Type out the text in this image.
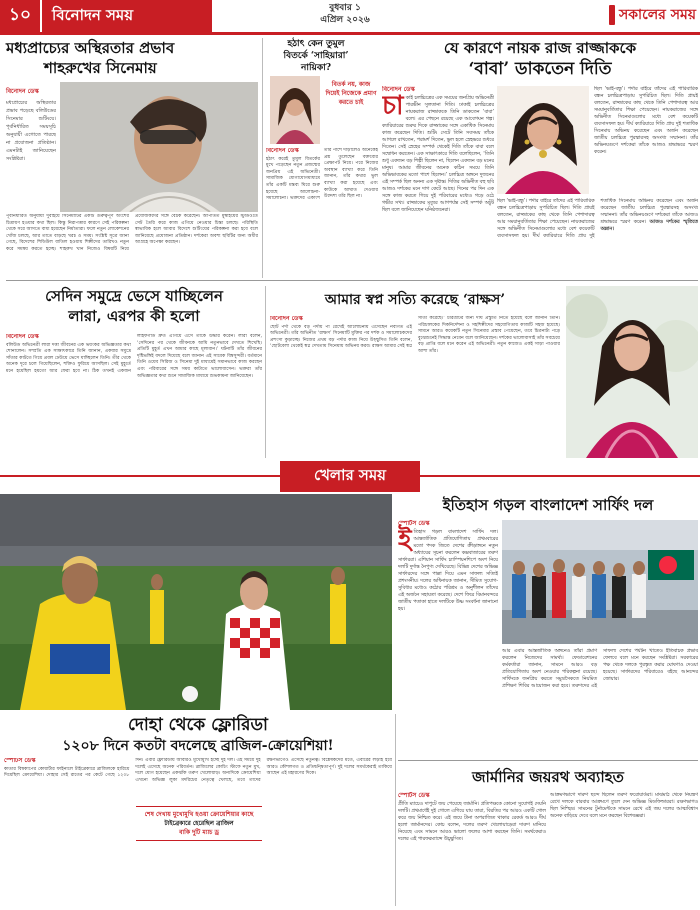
১০	বিনোদন সময়	বুধবার ১
এপ্রিল ২০২৬	সকালের সময়
মধ্যপ্রাচ্যের অস্থিরতার প্রভাব
শাহরুখের সিনেমায়
বিনোদন ডেস্ক
মধ্যপ্রাচ্যের অস্থিরতার প্রভাব পড়েছে বলিউডের সিনেমার শুটিংয়ে। পূর্বনির্ধারিত সময়সূচি অনুযায়ী এগোতে পারছে না প্রযোজনা প্রতিষ্ঠান। এমনটাই জানিয়েছেন সংশ্লিষ্টরা।
পূর্বনির্ধারিত অনুযায়ী দুবাইয়ে সিনেমাটির একটি গুরুত্বপূর্ণ অংশের চিত্রায়ণ হওয়ার কথা ছিল। কিন্তু নিরাপত্তার কারণে সেই পরিকল্পনা থেকে সরে আসতে বাধ্য হয়েছেন নির্মাতারা। ফলে নতুন লোকেশনের খোঁজ চলছে, আর তাতে বাড়ছে খরচ ও সময়। সংশ্লিষ্ট সূত্রে জানা গেছে, বিদেশের শিডিউল বাতিল হওয়ায় শিল্পীদের তারিখও নতুন করে সমন্বয় করতে হচ্ছে। শাহরুখ খান নিজেও বিষয়টি নিয়ে প্রযোজকদের সঙ্গে বৈঠক করেছেন। আপাতত মুম্বাইয়ের স্টুডিওতে সেট তৈরি করে কাজ এগিয়ে নেওয়ার চিন্তা চলছে। পরিস্থিতি স্বাভাবিক হলে আবার বিদেশে শুটিংয়ের পরিকল্পনা করা হবে বলে জানিয়েছে প্রযোজনা প্রতিষ্ঠান। দর্শকেরা অবশ্য ছবিটির জন্য অধীর আগ্রহে অপেক্ষা করছেন।
হঠাৎ কেন তুমুল
বিতর্কে ‘সাহিয়ারা’
নায়িকা?
বিনোদন ডেস্ক
হঠাৎ করেই তুমুল বিতর্কের মুখে পড়েছেন নতুন প্রজন্মের জনপ্রিয় এই অভিনেত্রী। সামাজিক যোগাযোগমাধ্যমে তাঁর একটি মন্তব্য ঘিরে শুরু হয়েছে আলোচনা-সমালোচনা। ভক্তদের একাংশ তাঁর পাশে দাঁড়ালেও অনেকেই প্রশ্ন তুলেছেন বক্তব্যের প্রেক্ষাপট নিয়ে। পরে নিজের অবস্থান ব্যাখ্যা করে তিনি জানান, তাঁর কথার ভুল ব্যাখ্যা করা হয়েছে এবং কাউকে আঘাত দেওয়ার উদ্দেশ্য তাঁর ছিল না।
বিতর্ক নয়, কাজ দিয়েই নিজেকে প্রমাণ করতে চাই
যে কারণে নায়ক রাজ রাজ্জাককে
‘বাবা’ ডাকতেন দিতি
বিনোদন ডেস্ক
চা কাই চলচ্চিত্রের এক সময়ের জনপ্রিয় অভিনেত্রী পারভীন সুলতানা দিতি। ঢাকাই চলচ্চিত্রের নায়করাজ রাজ্জাককে তিনি ডাকতেন ‘বাবা’ বলে। এর পেছনে রয়েছে এক আবেগঘন গল্প। ক্যারিয়ারের শুরুর দিকে রাজ্জাকের সঙ্গে একাধিক সিনেমায় কাজ করেছেন দিতি। শুটিং সেটে তিনি সবসময় তাঁকে আগলে রাখতেন, পরামর্শ দিতেন, ভুল হলে স্নেহভরে শুধরে দিতেন। সেই স্নেহের সম্পর্ক থেকেই দিতি তাঁকে বাবা বলে সম্বোধন করতেন। এক সাক্ষাৎকারে দিতি বলেছিলেন, ‘তিনি শুধু একজন বড় শিল্পী ছিলেন না, ছিলেন একজন বড় মনের মানুষ। আমার জীবনের অনেক কঠিন সময়ে তিনি অভিভাবকের মতো পাশে ছিলেন।’ চলচ্চিত্র অঙ্গনে দুজনের এই সম্পর্ক ছিল অনন্য এক দৃষ্টান্ত। দিতির অভিনীত বহু ছবি আজও দর্শকের মনে দাগ কেটে আছে। দিনের পর দিন এক সঙ্গে কাজ করতে গিয়ে দুই পরিবারের মধ্যেও গড়ে ওঠে গভীর সখ্য। রাজ্জাকের মৃত্যুর আগপর্যন্ত সেই সম্পর্ক অটুট ছিল বলে জানিয়েছেন ঘনিষ্ঠজনেরা।
ছিল ‘ভাই-বন্ধু’। পর্দার বাইরে তাঁদের এই পারিবারিক বন্ধন চলচ্চিত্রপাড়ায় সুপরিচিত ছিল। দিতি প্রায়ই বলতেন, রাজ্জাকের কাছ থেকে তিনি পেশাদারত্ব আর সময়ানুবর্তিতার শিক্ষা পেয়েছেন। নায়করাজের সঙ্গে অভিনীত সিনেমাগুলোর মধ্যে বেশ কয়েকটি ব্যবসাসফল হয়। দীর্ঘ ক্যারিয়ারে দিতি প্রায় দুই শতাধিক সিনেমায় অভিনয় করেছেন এবং অর্জন করেছেন জাতীয় চলচ্চিত্র পুরস্কারসহ অসংখ্য সম্মাননা। তাঁর অভিনয়গুণে দর্শকেরা তাঁকে আজও শ্রদ্ধাভরে স্মরণ করেন।
ছিল ‘ভাই-বন্ধু’। পর্দার বাইরে তাঁদের এই পারিবারিক বন্ধন চলচ্চিত্রপাড়ায় সুপরিচিত ছিল। দিতি প্রায়ই বলতেন, রাজ্জাকের কাছ থেকে তিনি পেশাদারত্ব আর সময়ানুবর্তিতার শিক্ষা পেয়েছেন। নায়করাজের সঙ্গে অভিনীত সিনেমাগুলোর মধ্যে বেশ কয়েকটি ব্যবসাসফল হয়। দীর্ঘ ক্যারিয়ারে দিতি প্রায় দুই শতাধিক সিনেমায় অভিনয় করেছেন এবং অর্জন করেছেন জাতীয় চলচ্চিত্র পুরস্কারসহ অসংখ্য সম্মাননা। তাঁর অভিনয়গুণে দর্শকেরা তাঁকে আজও শ্রদ্ধাভরে স্মরণ করেন। আজও দর্শকের স্মৃতিতে অম্লান।
সেদিন সমুদ্রে ভেসে যাচ্ছিলেন
লারা, এরপর কী হলো
বিনোদন ডেস্ক
বলিউড অভিনেত্রী লারা দত্তা জীবনের এক ভয়ংকর অভিজ্ঞতার কথা শোনালেন। সম্প্রতি এক সাক্ষাৎকারে তিনি জানান, একবার সমুদ্রে সাঁতার কাটতে গিয়ে প্রবল ঢেউয়ে ভেসে যাচ্ছিলেন তিনি। তীর থেকে অনেক দূরে চলে গিয়েছিলেন, শক্তিও ফুরিয়ে আসছিল। সেই মুহূর্তে মনে হয়েছিল হয়তো আর ফেরা হবে না। ঠিক তখনই একজন লাইফগার্ড দ্রুত এগিয়ে এসে তাঁকে উদ্ধার করেন। লারা বলেন, ‘সেদিনের পর থেকে জীবনকে আমি নতুনভাবে দেখতে শিখেছি। প্রতিটি মুহূর্ত এখন আমার কাছে মূল্যবান।’ ঘটনাটি তাঁর জীবনের দৃষ্টিভঙ্গিই বদলে দিয়েছে বলে জানান এই সাবেক বিশ্বসুন্দরী। বর্তমানে তিনি ওয়েব সিরিজ ও সিনেমা দুই মাধ্যমেই সমানভাবে কাজ করছেন এবং পরিবারের সঙ্গে সময় কাটাতে ভালোবাসেন। ভক্তরা তাঁর অভিজ্ঞতার কথা শুনে সামাজিক মাধ্যমে শুভকামনা জানিয়েছেন।
আমার স্বপ্ন সত্যি করেছে ‘রাক্ষস’
বিনোদন ডেস্ক
ছোট পর্দা থেকে বড় পর্দায় পা রেখেই আলোচনায় এসেছেন নবাগত এই অভিনেত্রী। তাঁর অভিনীত ‘রাক্ষস’ সিনেমাটি মুক্তির পর দর্শক ও সমালোচকদের প্রশংসা কুড়াচ্ছে। নিজের প্রথম বড় পর্দার কাজ নিয়ে উচ্ছ্বসিত তিনি বলেন, ‘ছোটবেলা থেকেই স্বপ্ন দেখতাম সিনেমায় অভিনয় করব। রাক্ষস আমার সেই স্বপ্ন সত্যি করেছে।’ চরিত্রটির জন্য দীর্ঘ প্রস্তুতি নিতে হয়েছে বলে জানান তিনি। পরিচালকের দিকনির্দেশনা ও সহশিল্পীদের সহযোগিতায় কাজটি সহজ হয়েছে। সামনে আরও কয়েকটি নতুন সিনেমার প্রস্তাব পেয়েছেন, তবে চিত্রনাট্য পড়ে বুঝেশুনেই সিদ্ধান্ত নেবেন বলে জানিয়েছেন। দর্শকের ভালোবাসাই তাঁর সবচেয়ে বড় প্রাপ্তি বলে মনে করেন এই অভিনেত্রী। নতুন কাজেও একই সাড়া পাওয়ার আশা তাঁর।
খেলার সময়
ইতিহাস গড়ল বাংলাদেশ সার্ফিং দল
স্পোর্টস ডেস্ক
ই তিহাস গড়ল বাংলাদেশ সার্ফিং দল। আন্তর্জাতিক প্রতিযোগিতায় প্রথমবারের মতো পদক জিতে দেশের ক্রীড়াঙ্গনে নতুন অধ্যায়ের সূচনা করলেন কক্সবাজারের তরুণ সার্ফাররা। এশিয়ান সার্ফিং চ্যাম্পিয়নশিপে অংশ নিয়ে দলটি দুর্দান্ত নৈপুণ্য দেখিয়েছে। বিভিন্ন দেশের অভিজ্ঞ সার্ফারদের সঙ্গে পাল্লা দিয়ে এমন সাফল্য সত্যিই প্রশংসনীয়। দলের অধিনায়ক জানান, সীমিত সুযোগ-সুবিধার মধ্যেও কঠোর পরিশ্রম ও অনুশীলন তাঁদের এই অর্জনে সহায়তা করেছে। দেশে ফিরে বিমানবন্দরে জাতীয় পতাকা হাতে দলটিকে উষ্ণ সংবর্ধনা জানানো হয়।
আর এবার আন্তর্জাতিক অঙ্গনেও তাঁরা প্রমাণ করলেন নিজেদের সামর্থ্য। ফেডারেশনের কর্মকর্তারা জানান, সামনে আরও বড় প্রতিযোগিতায় অংশ নেওয়ার পরিকল্পনা রয়েছে। সার্ফিংকে জনপ্রিয় করতে সমুদ্রসৈকতে নিয়মিত প্রশিক্ষণ শিবির আয়োজন করা হবে। তরুণদের এই সাফল্য দেশের পর্যটন খাতেও ইতিবাচক প্রভাব ফেলবে বলে মনে করছেন সংশ্লিষ্টরা। সরকারের পক্ষ থেকে দলকে পুরস্কৃত করার ঘোষণাও দেওয়া হয়েছে। সার্ফারদের পরিবারেও বইছে আনন্দের জোয়ার।
দোহা থেকে ফ্লোরিডা
১২০৮ দিনে কতটা বদলেছে ব্রাজিল-ক্রোয়েশিয়া!
স্পোর্টস ডেস্ক
কাতার বিশ্বকাপের কোয়ার্টার ফাইনালে টাইব্রেকারে ব্রাজিলকে হারিয়ে দিয়েছিল ক্রোয়েশিয়া। দোহার সেই রাতের পর কেটে গেছে ১২০৮ দিন। এবার ফ্লোরিডায় আবারও মুখোমুখি হচ্ছে দুই দল। এই সময়ে দুই দলেই এসেছে অনেক পরিবর্তন। ব্রাজিলের কোচিং স্টাফে নতুন মুখ, দলে যোগ হয়েছেন একঝাঁক তরুণ খেলোয়াড়। অন্যদিকে ক্রোয়েশিয়া এখনো অভিজ্ঞ লুকা মদরিচের নেতৃত্বে খেলছে, তবে তাদের রক্ষণভাগেও এসেছে নতুনত্ব। বিশ্লেষকদের মতে, এবারের লড়াই হবে আরও কৌশলগত ও প্রতিদ্বন্দ্বিতাপূর্ণ। দুই দলের সমর্থকেরাই তাকিয়ে আছেন এই মহারণের দিকে।
শেষ দেখায় মুখোমুখি হওয়া ক্রোয়েশিয়ার কাছে
টাইব্রেকারে হেরেছিল ব্রাজিল
বাকি দুটি ম্যাচ ড্র
জার্মানির জয়রথ অব্যাহত
স্পোর্টস ডেস্ক
প্রীতি ম্যাচেও দাপুটে জয় পেয়েছে জার্মানি। প্রতিপক্ষকে কোনো সুযোগই দেয়নি দলটি। প্রথমার্ধেই দুই গোলে এগিয়ে যায় তারা, বিরতির পর আরও একটি গোল করে জয় নিশ্চিত করে। এই জয়ে টানা অপরাজিত থাকার রেকর্ড আরও দীর্ঘ হলো জার্মানদের। কোচ বলেন, দলের তরুণ খেলোয়াড়েরা দারুণ মানিয়ে নিয়েছে এবং সামনে আরও ভালো ফলের আশা করছেন তিনি। সমর্থকেরাও দলের এই পারফরম্যান্সে উচ্ছ্বসিত।
আক্রমণভাগে দারুণ ছন্দে ছিলেন তরুণ ফরোয়ার্ডরা। মাঝমাঠ থেকে নিয়ন্ত্রণ রেখে দলকে বারবার আক্রমণে তুলে দেন অভিজ্ঞ মিডফিল্ডাররা। রক্ষণভাগও ছিল নিশ্ছিদ্র। সামনের টুর্নামেন্টকে সামনে রেখে এই জয় দলের আত্মবিশ্বাস অনেক বাড়িয়ে দেবে বলে মনে করছেন বিশেষজ্ঞরা।
